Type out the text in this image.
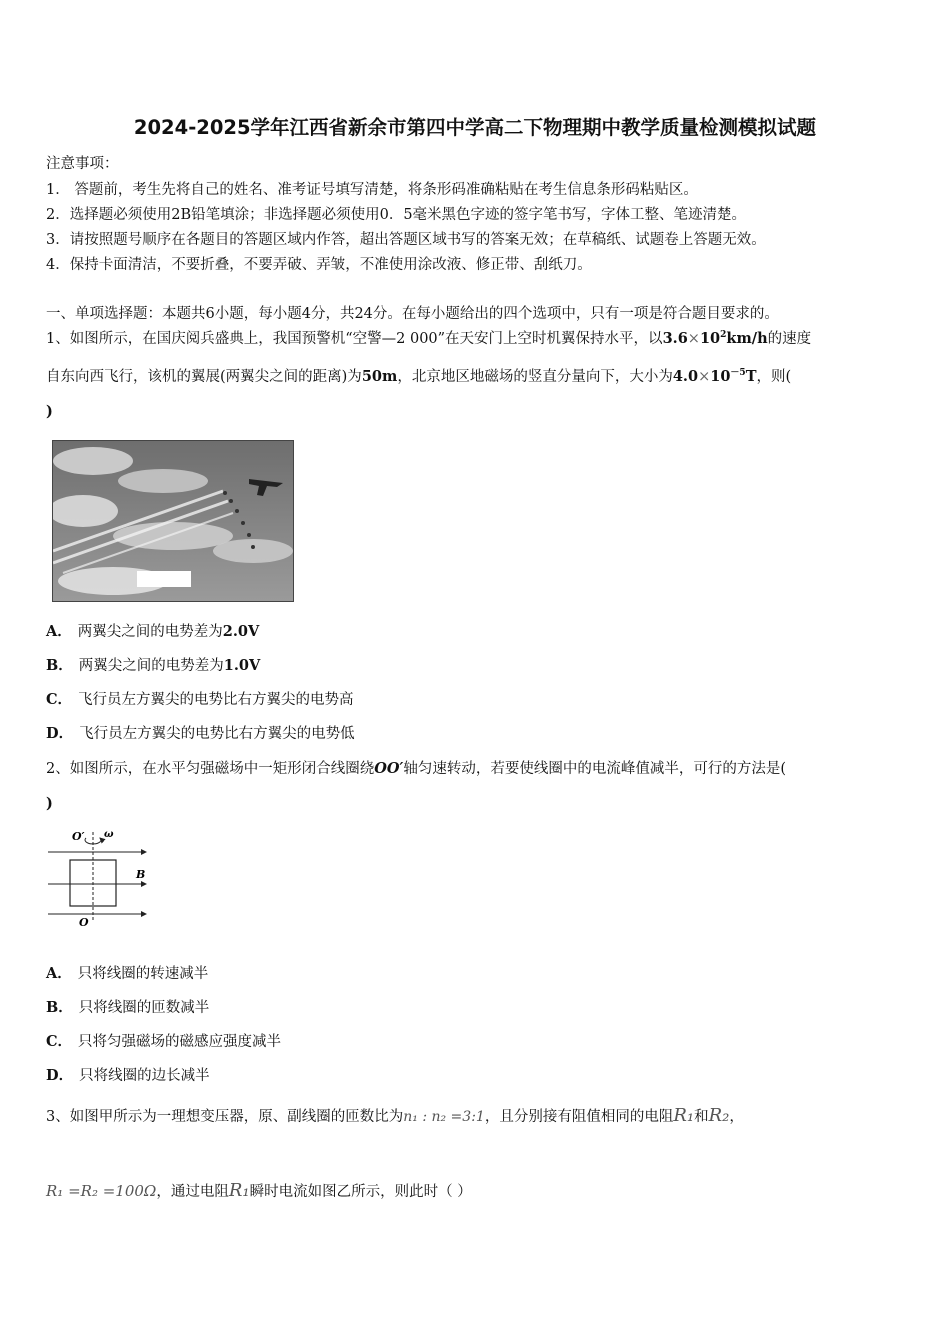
2024-2025学年江西省新余市第四中学高二下物理期中教学质量检测模拟试题
注意事项：
1． 答题前，考生先将自己的姓名、准考证号填写清楚，将条形码准确粘贴在考生信息条形码粘贴区。
2．选择题必须使用2B铅笔填涂；非选择题必须使用0．5毫米黑色字迹的签字笔书写，字体工整、笔迹清楚。
3．请按照题号顺序在各题目的答题区域内作答，超出答题区域书写的答案无效；在草稿纸、试题卷上答题无效。
4．保持卡面清洁，不要折叠，不要弄破、弄皱，不准使用涂改液、修正带、刮纸刀。
一、单项选择题：本题共6小题，每小题4分，共24分。在每小题给出的四个选项中，只有一项是符合题目要求的。
1、如图所示，在国庆阅兵盛典上，我国预警机“空警—2 000”在天安门上空时机翼保持水平，以$3.6\times 10^2km/h$的速度
自东向西飞行，该机的翼展(两翼尖之间的距离)为50m，北京地区地磁场的竖直分量向下，大小为$4.0\times 10^{-5}T$，则(
)
A． 两翼尖之间的电势差为2.0V
B． 两翼尖之间的电势差为1.0V
C． 飞行员左方翼尖的电势比右方翼尖的电势高
D． 飞行员左方翼尖的电势比右方翼尖的电势低
2、如图所示，在水平匀强磁场中一矩形闭合线圈绕OO′轴匀速转动，若要使线圈中的电流峰值减半，可行的方法是(
)
O′ ω
B
O
A． 只将线圈的转速减半
B． 只将线圈的匝数减半
C． 只将匀强磁场的磁感应强度减半
D． 只将线圈的边长减半
3、如图甲所示为一理想变压器，原、副线圈的匝数比为n₁ : n₂ =3:1，且分别接有阻值相同的电阻R₁和R₂，
R₁ =R₂ =100Ω，通过电阻R₁瞬时电流如图乙所示，则此时（ ）
